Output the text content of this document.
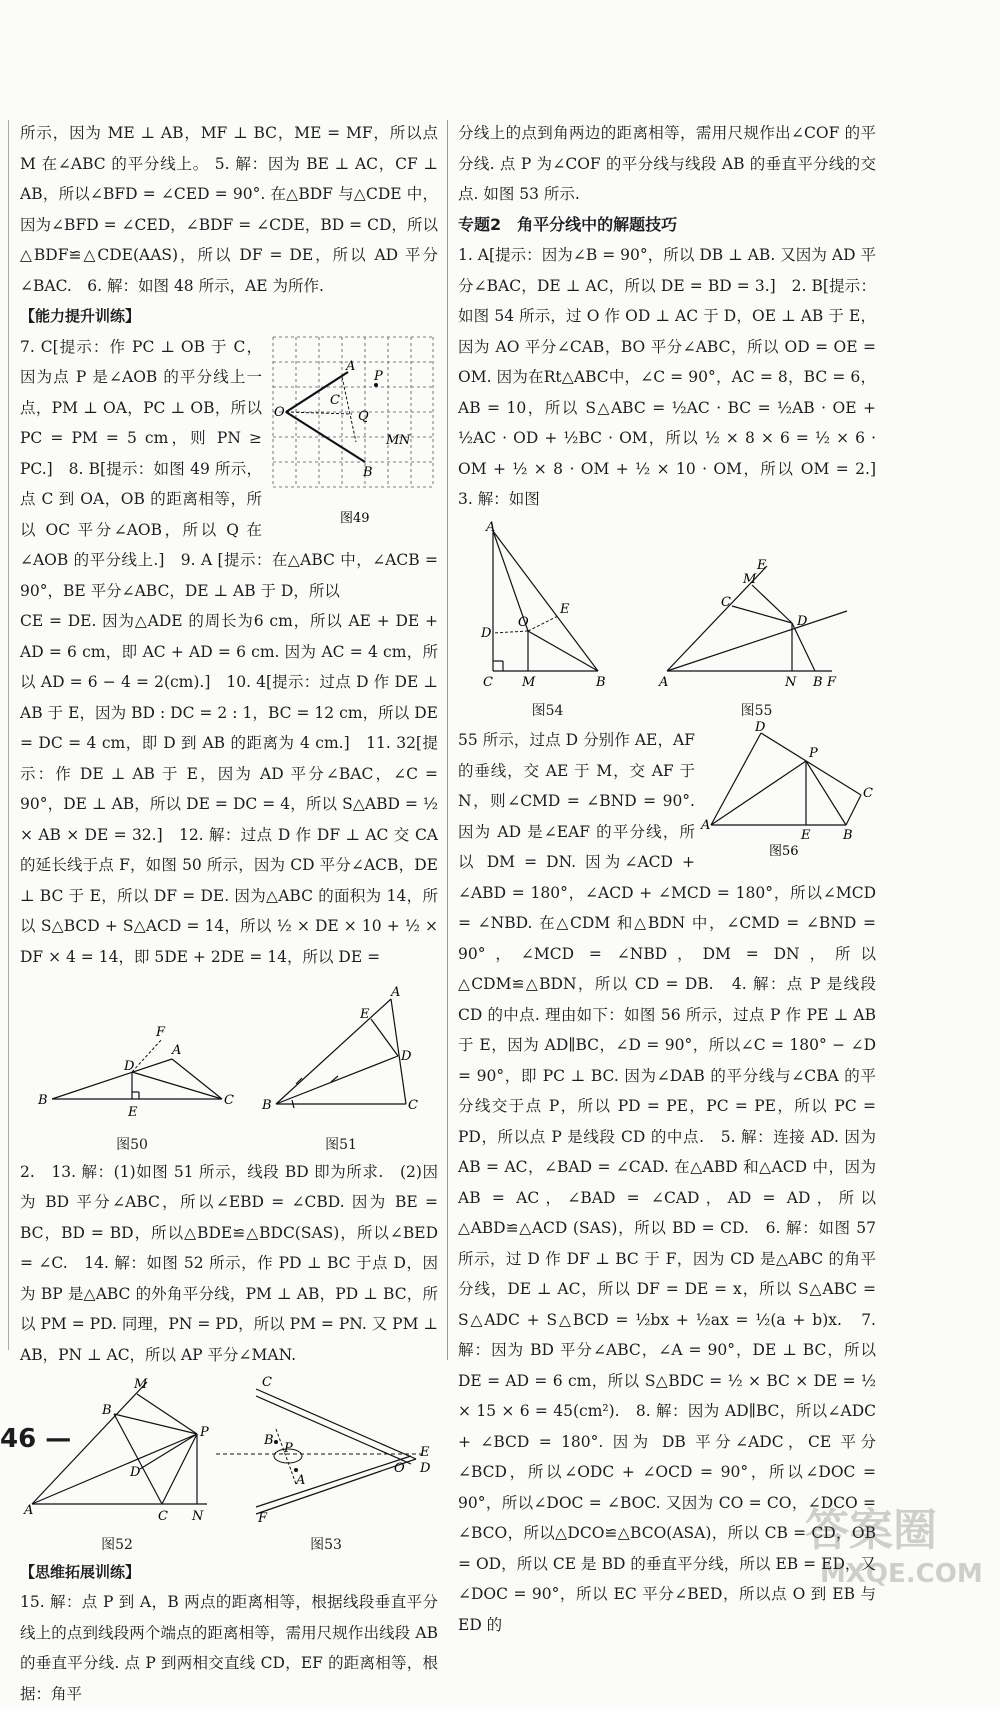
所示，因为 ME ⊥ AB，MF ⊥ BC，ME = MF，所以点 M 在∠ABC 的平分线上。 5. 解：因为 BE ⊥ AC，CF ⊥ AB，所以∠BFD = ∠CED = 90°. 在△BDF 与△CDE 中，因为∠BFD = ∠CED，∠BDF = ∠CDE，BD = CD，所以△BDF≌△CDE(AAS)，所以 DF = DE，所以 AD 平分∠BAC.　6. 解：如图 48 所示，AE 为所作.

【能力提升训练】

A
P
O
C
Q
M N
B
图49

7. C[提示：作 PC ⊥ OB 于 C，因为点 P 是∠AOB 的平分线上一点，PM ⊥ OA，PC ⊥ OB，所以 PC = PM = 5 cm，则 PN ≥ PC.]　8. B[提示：如图 49 所示，点 C 到 OA，OB 的距离相等，所以 OC 平分∠AOB，所以 Q 在∠AOB 的平分线上.]　9. A [提示：在△ABC 中，∠ACB = 90°，BE 平分∠ABC，DE ⊥ AB 于 D，所以

CE = DE. 因为△ADE 的周长为6 cm，所以 AE + DE + AD = 6 cm，即 AC + AD = 6 cm. 因为 AC = 4 cm，所以 AD = 6 − 4 = 2(cm).]　10. 4[提示：过点 D 作 DE ⊥ AB 于 E，因为 BD : DC = 2 : 1，BC = 12 cm，所以 DE = DC = 4 cm，即 D 到 AB 的距离为 4 cm.]　11. 32[提示：作 DE ⊥ AB 于 E，因为 AD 平分∠BAC，∠C = 90°，DE ⊥ AB，所以 DE = DC = 4，所以 S△ABD = ½ × AB × DE = 32.]　12. 解：过点 D 作 DF ⊥ AC 交 CA 的延长线于点 F，如图 50 所示，因为 CD 平分∠ACB，DE ⊥ BC 于 E，所以 DF = DE. 因为△ABC 的面积为 14，所以 S△BCD + S△ACD = 14，所以 ½ × DE × 10 + ½ × DF × 4 = 14，即 5DE + 2DE = 14，所以 DE =

B	C
D
E
F
A
图50
B	C
A
E
D
图51

2.　13. 解：(1)如图 51 所示，线段 BD 即为所求.　(2)因为 BD 平分∠ABC，所以∠EBD = ∠CBD. 因为 BE = BC，BD = BD，所以△BDE≌△BDC(SAS)，所以∠BED = ∠C.　14. 解：如图 52 所示，作 PD ⊥ BC 于点 D，因为 BP 是△ABC 的外角平分线，PM ⊥ AB，PD ⊥ BC，所以 PM = PD. 同理，PN = PD，所以 PM = PN. 又 PM ⊥ AB，PN ⊥ AC，所以 AP 平分∠MAN.

A
M
B
P
D
C N
图52
C
B
P
A
O
E
D
F
图53

【思维拓展训练】

15. 解：点 P 到 A，B 两点的距离相等，根据线段垂直平分线上的点到线段两个端点的距离相等，需用尺规作出线段 AB 的垂直平分线. 点 P 到两相交直线 CD，EF 的距离相等，根据：角平

分线上的点到角两边的距离相等，需用尺规作出∠COF 的平分线. 点 P 为∠COF 的平分线与线段 AB 的垂直平分线的交点. 如图 53 所示.

专题2　角平分线中的解题技巧

1. A[提示：因为∠B = 90°，所以 DB ⊥ AB. 又因为 AD 平分∠BAC，DE ⊥ AC，所以 DE = BD = 3.]　2. B[提示：如图 54 所示，过 O 作 OD ⊥ AC 于 D，OE ⊥ AB 于 E，因为 AO 平分∠CAB，BO 平分∠ABC，所以 OD = OE = OM. 因为在Rt△ABC中，∠C = 90°，AC = 8，BC = 6，AB = 10，所以 S△ABC = ½AC · BC = ½AB · OE + ½AC · OD + ½BC · OM，所以 ½ × 8 × 6 = ½ × 6 · OM + ½ × 8 · OM + ½ × 10 · OM，所以 OM = 2.]　3. 解：如图

A
D
O
E
C M	B
图54
A
C
M
E
D
N B F
图55
A
D
P
C
B
E
图56

55 所示，过点 D 分别作 AE，AF 的垂线，交 AE 于 M，交 AF 于 N，则∠CMD = ∠BND = 90°. 因为 AD 是∠EAF 的平分线，所以 DM = DN. 因为∠ACD + ∠ABD = 180°，∠ACD + ∠MCD = 180°，所以∠MCD = ∠NBD. 在△CDM 和△BDN 中，∠CMD = ∠BND = 90°，∠MCD = ∠NBD，DM = DN，所以△CDM≌△BDN，所以 CD = DB.　4. 解：点 P 是线段 CD 的中点. 理由如下：如图 56 所示，过点 P 作 PE ⊥ AB 于 E，因为 AD∥BC，∠D = 90°，所以∠C = 180° − ∠D = 90°，即 PC ⊥ BC. 因为∠DAB 的平分线与∠CBA 的平分线交于点 P，所以 PD = PE，PC = PE，所以 PC = PD，所以点 P 是线段 CD 的中点.　5. 解：连接 AD. 因为 AB = AC，∠BAD = ∠CAD. 在△ABD 和△ACD 中，因为 AB = AC，∠BAD = ∠CAD，AD = AD，所以△ABD≌△ACD (SAS)，所以 BD = CD.　6. 解：如图 57 所示，过 D 作 DF ⊥ BC 于 F，因为 CD 是△ABC 的角平分线，DE ⊥ AC，所以 DF = DE = x，所以 S△ABC = S△ADC + S△BCD = ½bx + ½ax = ½(a + b)x.　7. 解：因为 BD 平分∠ABC，∠A = 90°，DE ⊥ BC，所以 DE = AD = 6 cm，所以 S△BDC = ½ × BC × DE = ½ × 15 × 6 = 45(cm²).　8. 解：因为 AD∥BC，所以∠ADC + ∠BCD = 180°. 因为 DB 平分∠ADC，CE 平分∠BCD，所以∠ODC + ∠OCD = 90°，所以∠DOC = 90°，所以∠DOC = ∠BOC. 又因为 CO = CO，∠DCO = ∠BCO，所以△DCO≌△BCO(ASA)，所以 CB = CD，OB = OD，所以 CE 是 BD 的垂直平分线，所以 EB = ED，又∠DOC = 90°，所以 EC 平分∠BED，所以点 O 到 EB 与 ED 的

46 —
答案圈
MXQE.COM
